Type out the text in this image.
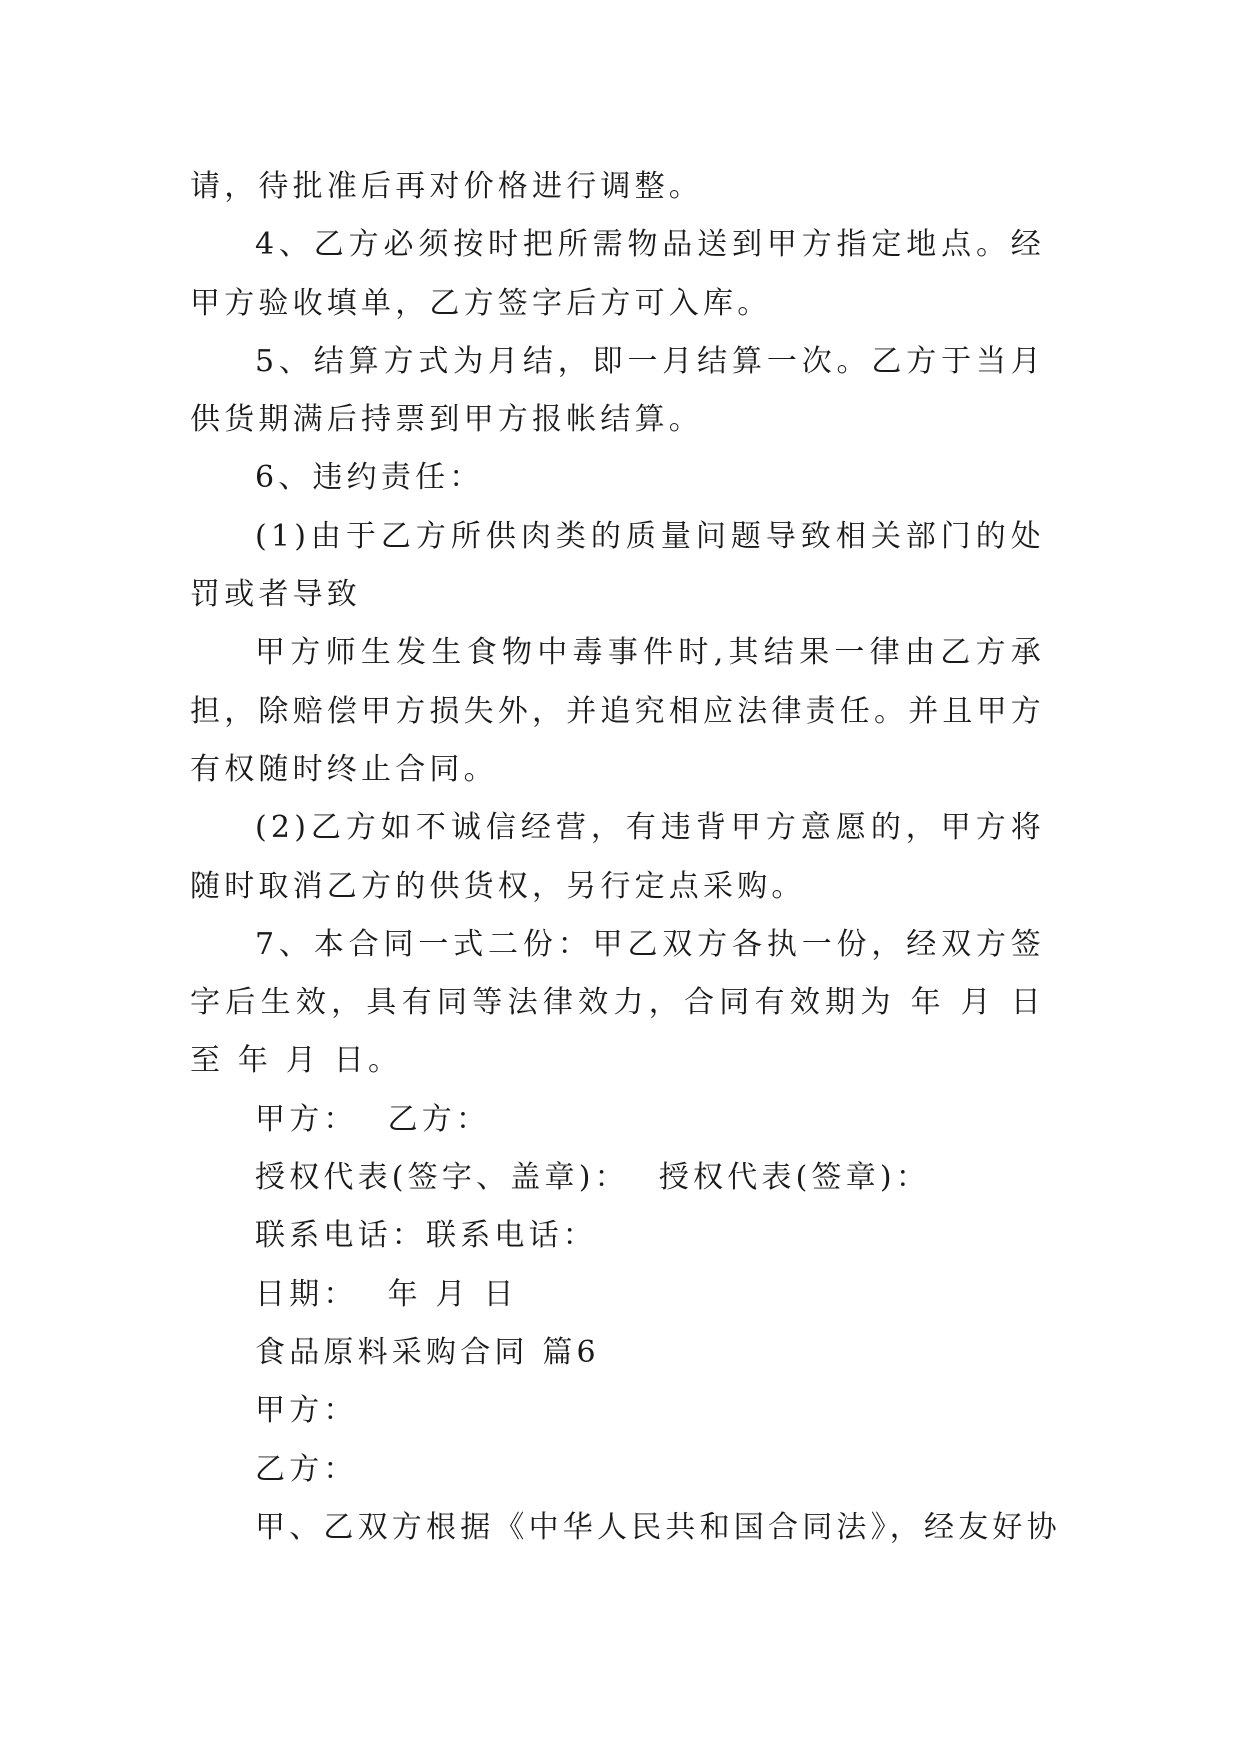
请，待批准后再对价格进行调整。

4、乙方必须按时把所需物品送到甲方指定地点。经甲方验收填单，乙方签字后方可入库。

5、结算方式为月结，即一月结算一次。乙方于当月供货期满后持票到甲方报帐结算。

6、违约责任：

(1)由于乙方所供肉类的质量问题导致相关部门的处罚或者导致

甲方师生发生食物中毒事件时,其结果一律由乙方承担，除赔偿甲方损失外，并追究相应法律责任。并且甲方有权随时终止合同。

(2)乙方如不诚信经营，有违背甲方意愿的，甲方将随时取消乙方的供货权，另行定点采购。

7、本合同一式二份：甲乙双方各执一份，经双方签字后生效，具有同等法律效力，合同有效期为 年 月 日至 年 月 日。

甲方： 乙方：
授权代表(签字、盖章)： 授权代表(签章)：
联系电话：联系电话：
日期： 年 月 日
食品原料采购合同 篇6
甲方：
乙方：
甲、乙双方根据《中华人民共和国合同法》，经友好协
